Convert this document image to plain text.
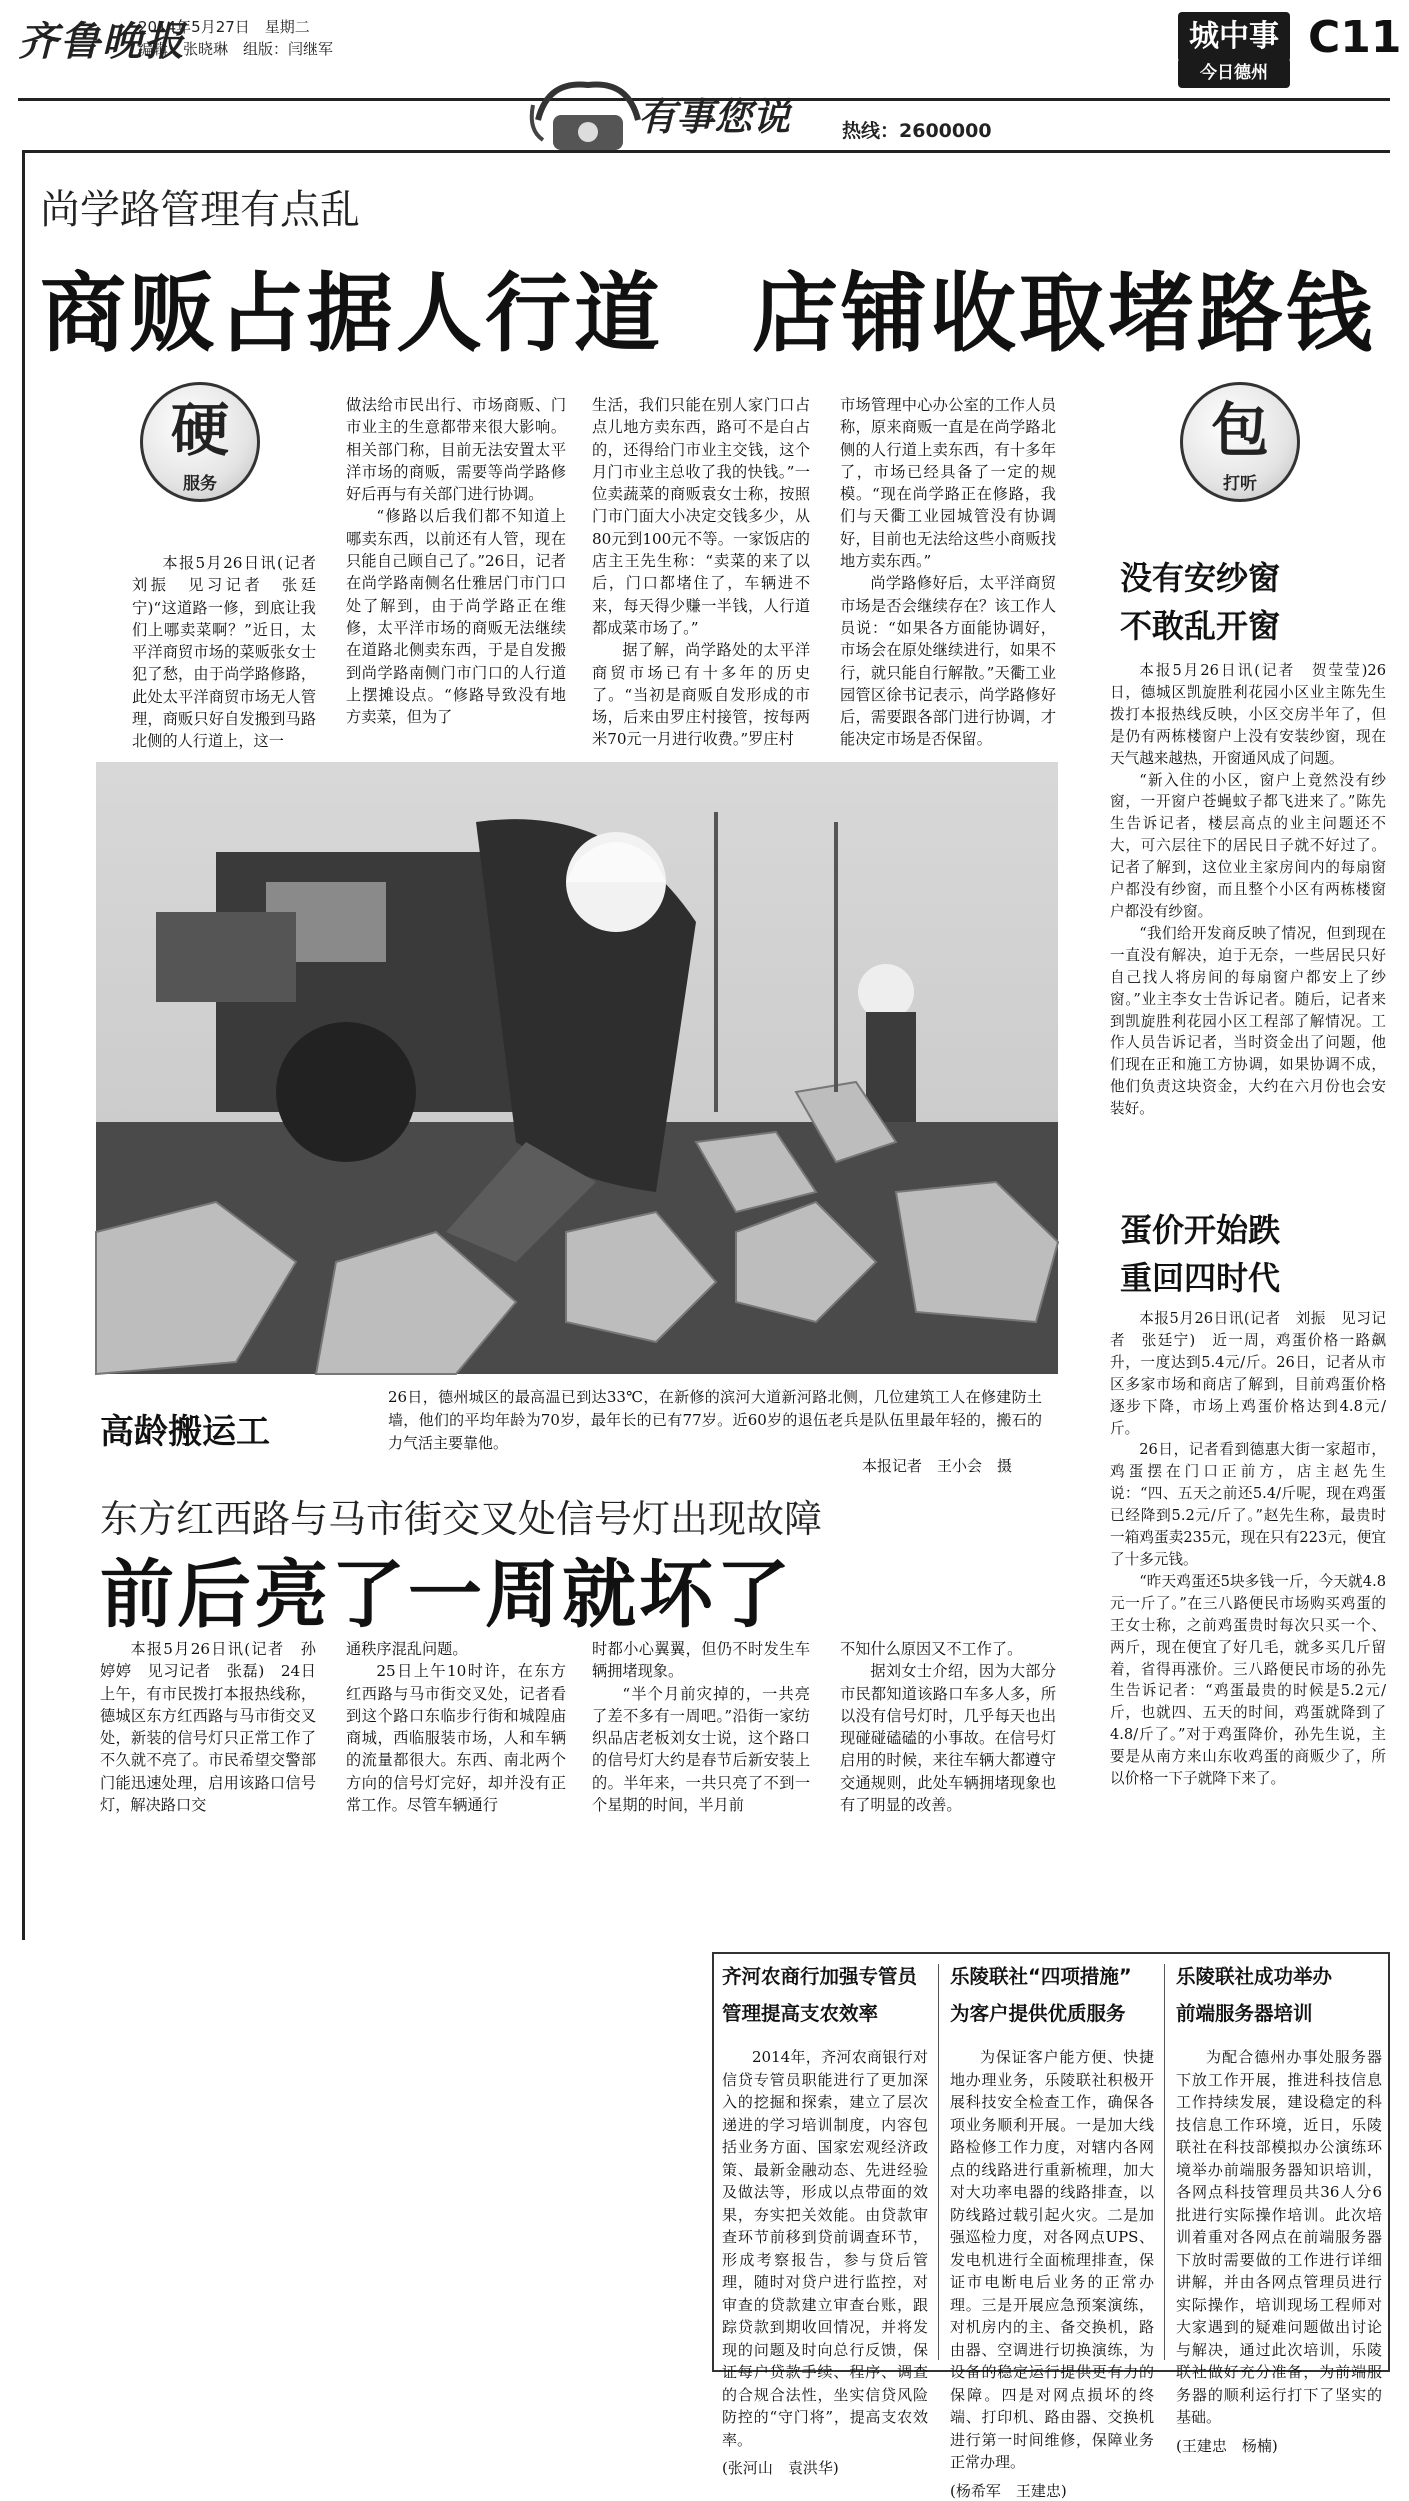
齐鲁晚报
2014年5月27日　星期二
编辑：张晓琳　组版：闫继军	城中事
今日德州
C11
有事您说	热线：2600000
尚学路管理有点乱
商贩占据人行道　店铺收取堵路钱
硬
服务
包
打听

本报5月26日讯(记者　刘振　见习记者　张廷宁)“这道路一修，到底让我们上哪卖菜啊？”近日，太平洋商贸市场的菜贩张女士犯了愁，由于尚学路修路，此处太平洋商贸市场无人管理，商贩只好自发搬到马路北侧的人行道上，这一

做法给市民出行、市场商贩、门市业主的生意都带来很大影响。相关部门称，目前无法安置太平洋市场的商贩，需要等尚学路修好后再与有关部门进行协调。

“修路以后我们都不知道上哪卖东西，以前还有人管，现在只能自己顾自己了。”26日，记者在尚学路南侧名仕雅居门市门口处了解到，由于尚学路正在维修，太平洋市场的商贩无法继续在道路北侧卖东西，于是自发搬到尚学路南侧门市门口的人行道上摆摊设点。“修路导致没有地方卖菜，但为了

生活，我们只能在别人家门口占点儿地方卖东西，路可不是白占的，还得给门市业主交钱，这个月门市业主总收了我的快钱。”一位卖蔬菜的商贩袁女士称，按照门市门面大小决定交钱多少，从80元到100元不等。一家饭店的店主王先生称：“卖菜的来了以后，门口都堵住了，车辆进不来，每天得少赚一半钱，人行道都成菜市场了。”

据了解，尚学路处的太平洋商贸市场已有十多年的历史了。“当初是商贩自发形成的市场，后来由罗庄村接管，按每两米70元一月进行收费。”罗庄村

市场管理中心办公室的工作人员称，原来商贩一直是在尚学路北侧的人行道上卖东西，有十多年了，市场已经具备了一定的规模。“现在尚学路正在修路，我们与天衢工业园城管没有协调好，目前也无法给这些小商贩找地方卖东西。”

尚学路修好后，太平洋商贸市场是否会继续存在？该工作人员说：“如果各方面能协调好，市场会在原处继续进行，如果不行，就只能自行解散。”天衢工业园管区徐书记表示，尚学路修好后，需要跟各部门进行协调，才能决定市场是否保留。

没有安纱窗不敢乱开窗

本报5月26日讯(记者　贺莹莹)26日，德城区凯旋胜利花园小区业主陈先生拨打本报热线反映，小区交房半年了，但是仍有两栋楼窗户上没有安装纱窗，现在天气越来越热，开窗通风成了问题。

“新入住的小区，窗户上竟然没有纱窗，一开窗户苍蝇蚊子都飞进来了。”陈先生告诉记者，楼层高点的业主问题还不大，可六层往下的居民日子就不好过了。记者了解到，这位业主家房间内的每扇窗户都没有纱窗，而且整个小区有两栋楼窗户都没有纱窗。

“我们给开发商反映了情况，但到现在一直没有解决，迫于无奈，一些居民只好自己找人将房间的每扇窗户都安上了纱窗。”业主李女士告诉记者。随后，记者来到凯旋胜利花园小区工程部了解情况。工作人员告诉记者，当时资金出了问题，他们现在正和施工方协调，如果协调不成，他们负责这块资金，大约在六月份也会安装好。

蛋价开始跌重回四时代

本报5月26日讯(记者　刘振　见习记者　张廷宁)　近一周，鸡蛋价格一路飙升，一度达到5.4元/斤。26日，记者从市区多家市场和商店了解到，目前鸡蛋价格逐步下降，市场上鸡蛋价格达到4.8元/斤。

26日，记者看到德惠大街一家超市，鸡蛋摆在门口正前方，店主赵先生说：“四、五天之前还5.4/斤呢，现在鸡蛋已经降到5.2元/斤了。”赵先生称，最贵时一箱鸡蛋卖235元，现在只有223元，便宜了十多元钱。

“昨天鸡蛋还5块多钱一斤，今天就4.8元一斤了。”在三八路便民市场购买鸡蛋的王女士称，之前鸡蛋贵时每次只买一个、两斤，现在便宜了好几毛，就多买几斤留着，省得再涨价。三八路便民市场的孙先生告诉记者：“鸡蛋最贵的时候是5.2元/斤，也就四、五天的时间，鸡蛋就降到了4.8/斤了。”对于鸡蛋降价，孙先生说，主要是从南方来山东收鸡蛋的商贩少了，所以价格一下子就降下来了。

高龄搬运工
26日，德州城区的最高温已到达33℃，在新修的滨河大道新河路北侧，几位建筑工人在修建防土墙，他们的平均年龄为70岁，最年长的已有77岁。近60岁的退伍老兵是队伍里最年轻的，搬石的力气活主要靠他。
本报记者　王小会　摄
东方红西路与马市街交叉处信号灯出现故障
前后亮了一周就坏了

本报5月26日讯(记者　孙婷婷　见习记者　张磊)　24日上午，有市民拨打本报热线称，德城区东方红西路与马市街交叉处，新装的信号灯只正常工作了不久就不亮了。市民希望交警部门能迅速处理，启用该路口信号灯，解决路口交

通秩序混乱问题。

25日上午10时许，在东方红西路与马市街交叉处，记者看到这个路口东临步行街和城隍庙商城，西临服装市场，人和车辆的流量都很大。东西、南北两个方向的信号灯完好，却并没有正常工作。尽管车辆通行

时都小心翼翼，但仍不时发生车辆拥堵现象。

“半个月前灾掉的，一共亮了差不多有一周吧。”沿街一家纺织品店老板刘女士说，这个路口的信号灯大约是春节后新安装上的。半年来，一共只亮了不到一个星期的时间，半月前

不知什么原因又不工作了。

据刘女士介绍，因为大部分市民都知道该路口车多人多，所以没有信号灯时，几乎每天也出现碰碰磕磕的小事故。在信号灯启用的时候，来往车辆大都遵守交通规则，此处车辆拥堵现象也有了明显的改善。

齐河农商行加强专管员
管理提高支农效率

2014年，齐河农商银行对信贷专管员职能进行了更加深入的挖掘和探索，建立了层次递进的学习培训制度，内容包括业务方面、国家宏观经济政策、最新金融动态、先进经验及做法等，形成以点带面的效果，夯实把关效能。由贷款审查环节前移到贷前调查环节，形成考察报告，参与贷后管理，随时对贷户进行监控，对审查的贷款建立审查台账，跟踪贷款到期收回情况，并将发现的问题及时向总行反馈，保证每户贷款手续、程序、调查的合规合法性，坐实信贷风险防控的“守门将”，提高支农效率。

(张河山　袁洪华)
乐陵联社“四项措施”
为客户提供优质服务

为保证客户能方便、快捷地办理业务，乐陵联社积极开展科技安全检查工作，确保各项业务顺利开展。一是加大线路检修工作力度，对辖内各网点的线路进行重新梳理，加大对大功率电器的线路排查，以防线路过载引起火灾。二是加强巡检力度，对各网点UPS、发电机进行全面梳理排查，保证市电断电后业务的正常办理。三是开展应急预案演练，对机房内的主、备交换机，路由器、空调进行切换演练，为设备的稳定运行提供更有力的保障。四是对网点损坏的终端、打印机、路由器、交换机进行第一时间维修，保障业务正常办理。

(杨希军　王建忠)
乐陵联社成功举办
前端服务器培训

为配合德州办事处服务器下放工作开展，推进科技信息工作持续发展，建设稳定的科技信息工作环境，近日，乐陵联社在科技部模拟办公演练环境举办前端服务器知识培训，各网点科技管理员共36人分6批进行实际操作培训。此次培训着重对各网点在前端服务器下放时需要做的工作进行详细讲解，并由各网点管理员进行实际操作，培训现场工程师对大家遇到的疑难问题做出讨论与解决，通过此次培训，乐陵联社做好充分准备，为前端服务器的顺利运行打下了坚实的基础。

(王建忠　杨楠)
